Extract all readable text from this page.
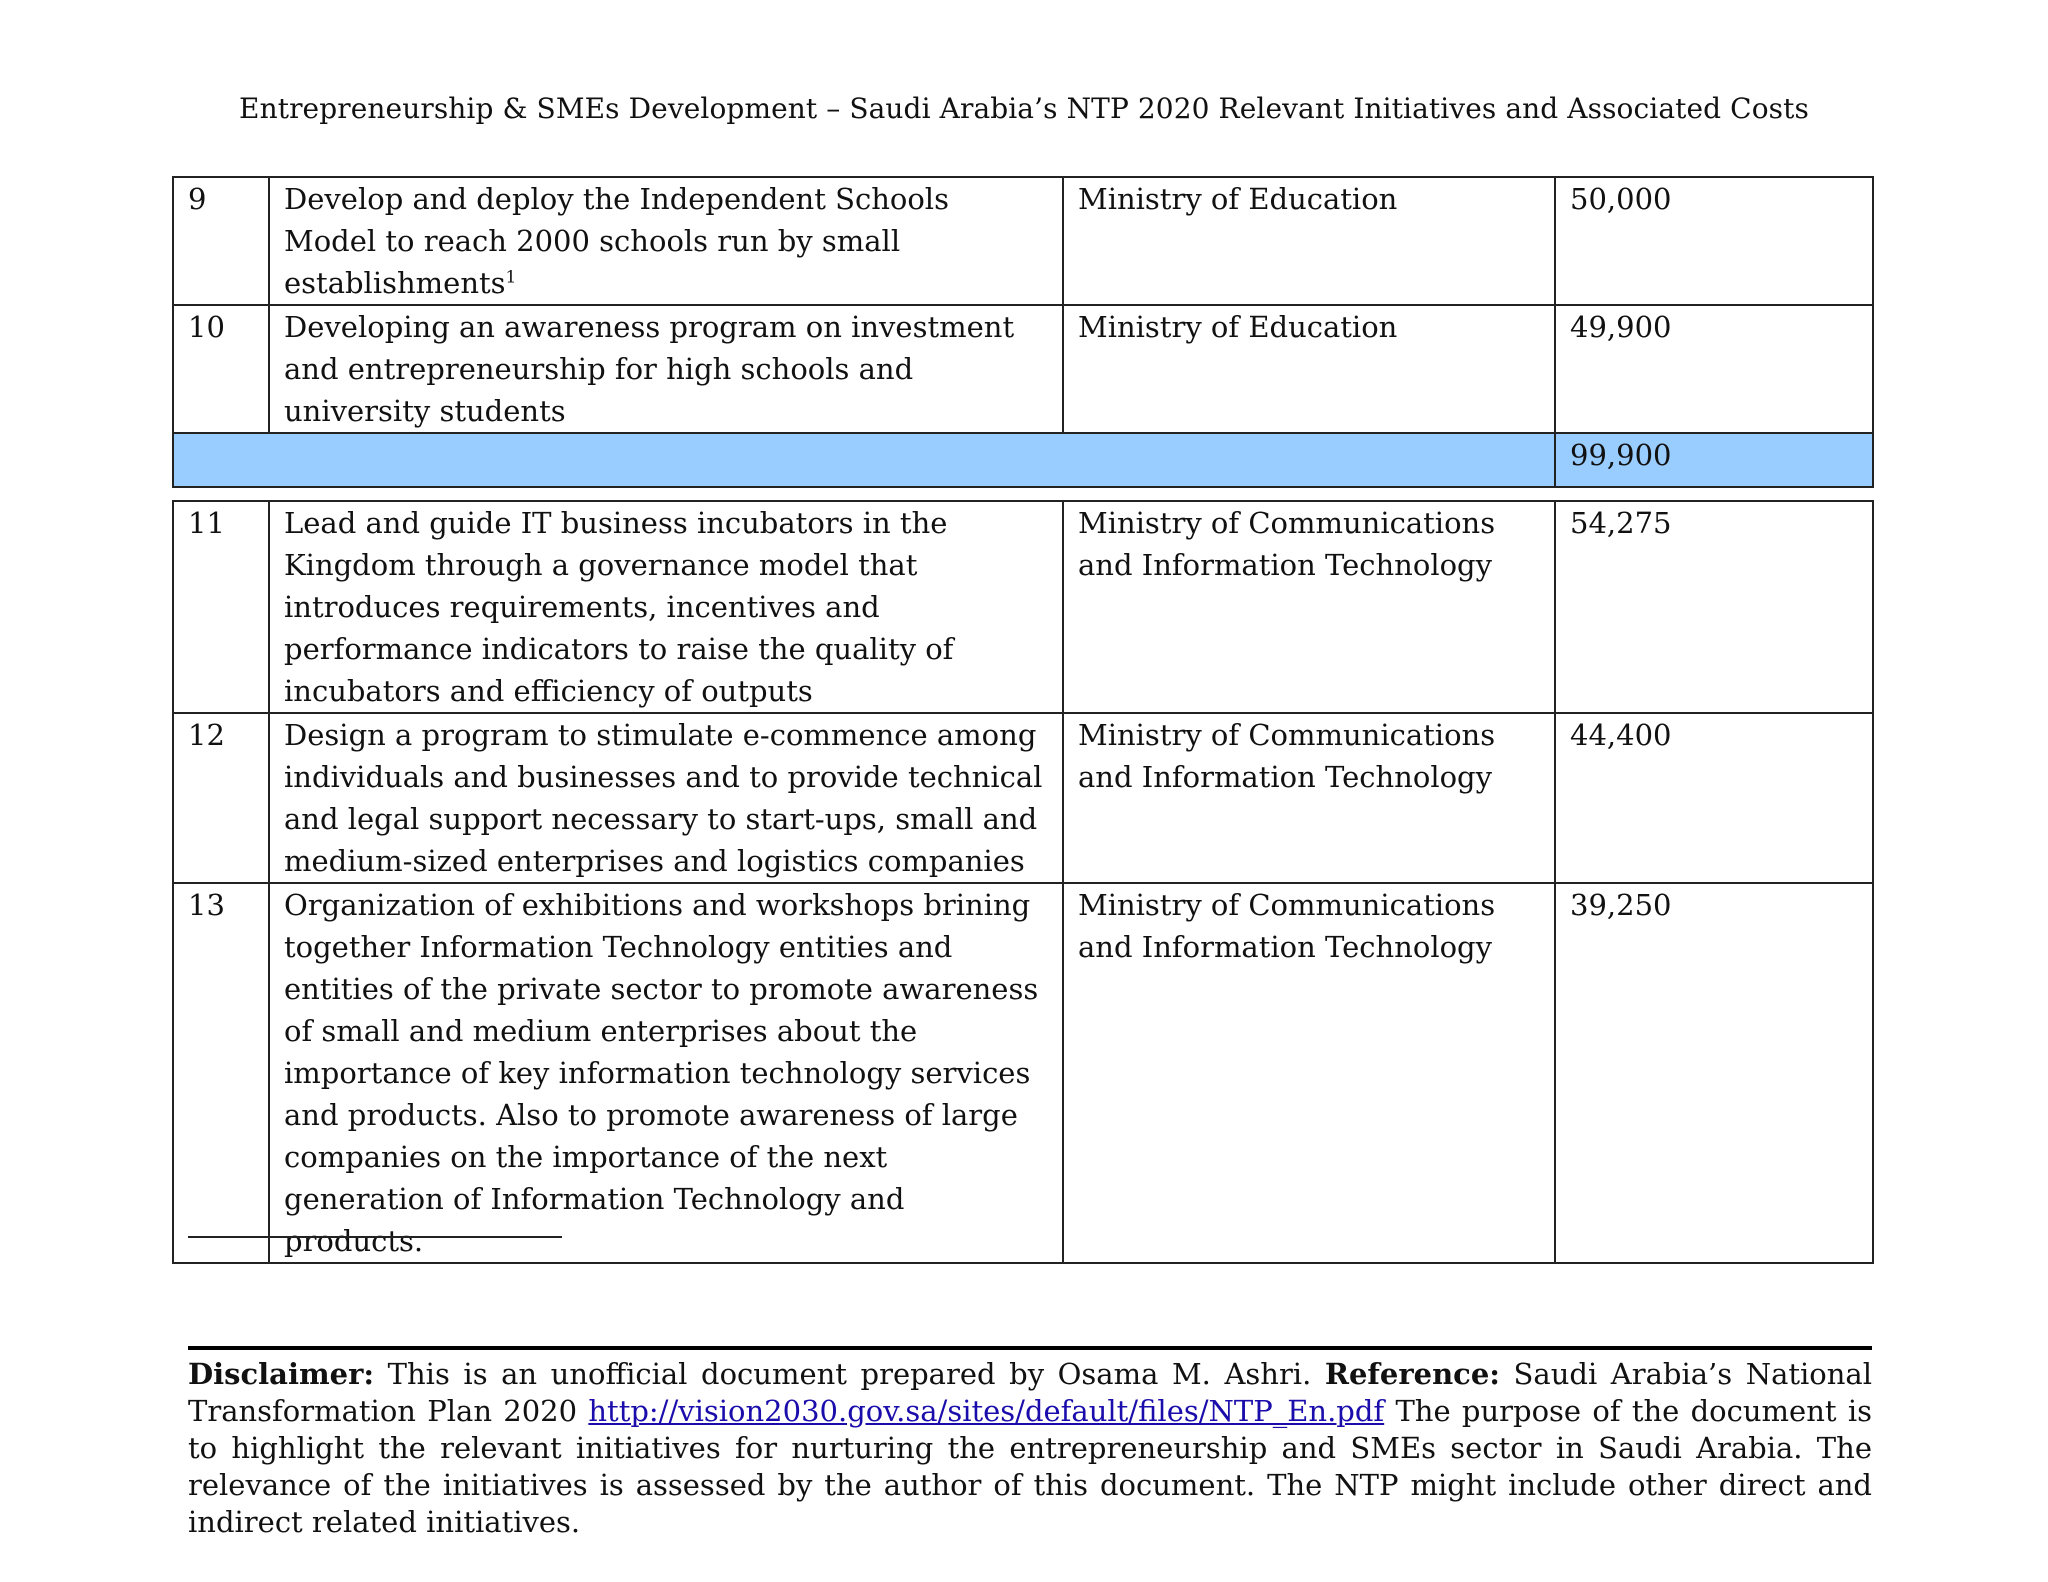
Entrepreneurship & SMEs Development – Saudi Arabia’s NTP 2020 Relevant Initiatives and Associated Costs
9	Develop and deploy the Independent Schools Model to reach 2000 schools run by small establishments$^1$	Ministry of Education	50,000
10	Developing an awareness program on investment and entrepreneurship for high schools and university students	Ministry of Education	49,900
			99,900
11	Lead and guide IT business incubators in the Kingdom through a governance model that introduces requirements, incentives and performance indicators to raise the quality of incubators and efficiency of outputs	Ministry of Communications and Information Technology	54,275
12	Design a program to stimulate e-commence among individuals and businesses and to provide technical and legal support necessary to start-ups, small and medium-sized enterprises and logistics companies	Ministry of Communications and Information Technology	44,400
13	Organization of exhibitions and workshops brining together Information Technology entities and entities of the private sector to promote awareness of small and medium enterprises about the importance of key information technology services and products. Also to promote awareness of large companies on the importance of the next generation of Information Technology and products.	Ministry of Communications and Information Technology	39,250
Disclaimer: This is an unofficial document prepared by Osama M. Ashri. Reference: Saudi Arabia’s National Transformation Plan 2020 http://vision2030.gov.sa/sites/default/files/NTP_En.pdf The purpose of the document is to highlight the relevant initiatives for nurturing the entrepreneurship and SMEs sector in Saudi Arabia. The relevance of the initiatives is assessed by the author of this document. The NTP might include other direct and indirect related initiatives.
